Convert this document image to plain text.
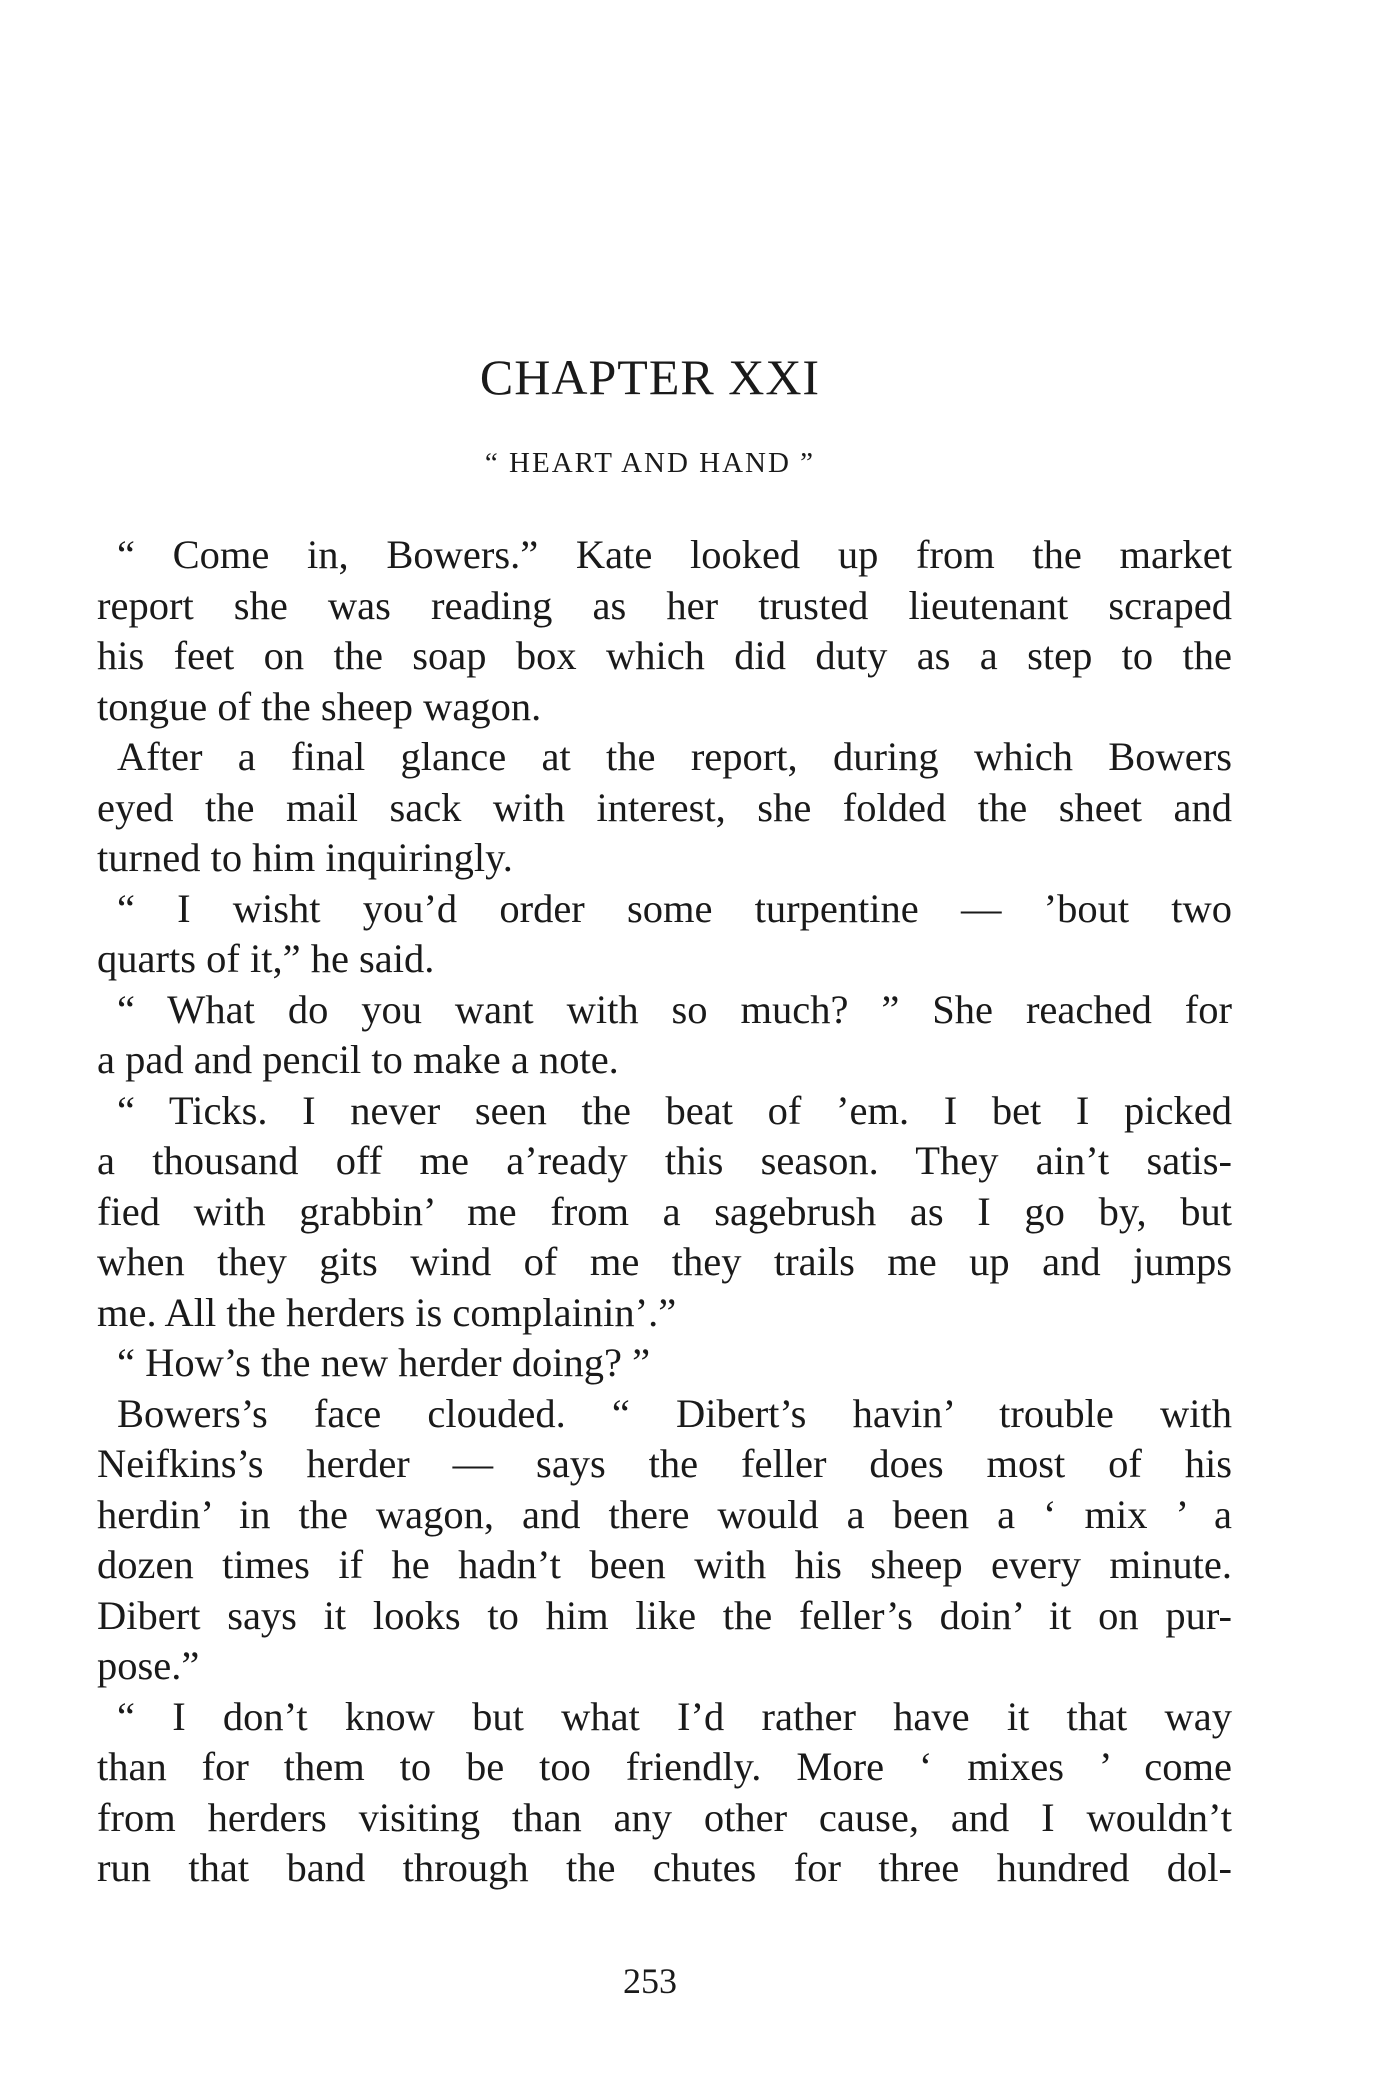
CHAPTER XXI
“ HEART AND HAND ”
“ Come in, Bowers.” Kate looked up from the market
report she was reading as her trusted lieutenant scraped
his feet on the soap box which did duty as a step to the
tongue of the sheep wagon.
After a final glance at the report, during which Bowers
eyed the mail sack with interest, she folded the sheet and
turned to him inquiringly.
“ I wisht you’d order some turpentine — ’bout two
quarts of it,” he said.
“ What do you want with so much? ” She reached for
a pad and pencil to make a note.
“ Ticks. I never seen the beat of ’em. I bet I picked
a thousand off me a’ready this season. They ain’t satis-
fied with grabbin’ me from a sagebrush as I go by, but
when they gits wind of me they trails me up and jumps
me. All the herders is complainin’.”
“ How’s the new herder doing? ”
Bowers’s face clouded. “ Dibert’s havin’ trouble with
Neifkins’s herder — says the feller does most of his
herdin’ in the wagon, and there would a been a ‘ mix ’ a
dozen times if he hadn’t been with his sheep every minute.
Dibert says it looks to him like the feller’s doin’ it on pur-
pose.”
“ I don’t know but what I’d rather have it that way
than for them to be too friendly. More ‘ mixes ’ come
from herders visiting than any other cause, and I wouldn’t
run that band through the chutes for three hundred dol-
253
